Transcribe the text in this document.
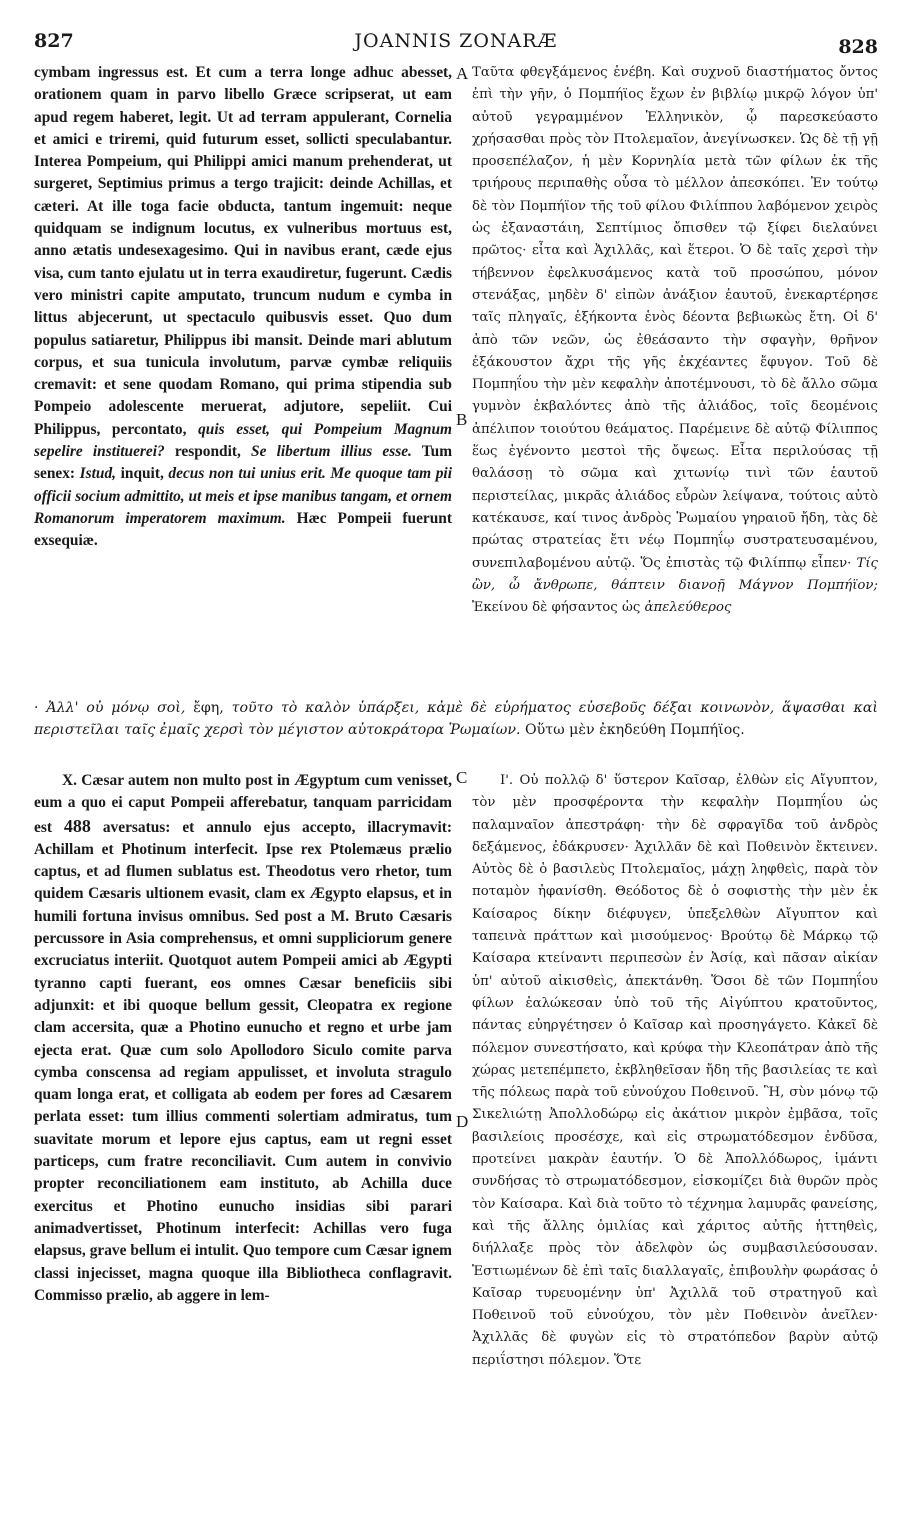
827	JOANNIS ZONARÆ	828
A
B
C
D

cymbam ingressus est. Et cum a terra longe adhuc abesset, orationem quam in parvo libello Græce scripserat, ut eam apud regem haberet, legit. Ut ad terram appulerant, Cornelia et amici e triremi, quid futurum esset, sollicti speculabantur. Interea Pompeium, qui Philippi amici manum prehenderat, ut surgeret, Septimius primus a tergo trajicit: deinde Achillas, et cæteri. At ille toga facie obducta, tantum ingemuit: neque quidquam se indignum locutus, ex vulneribus mortuus est, anno ætatis undesexagesimo. Qui in navibus erant, cæde ejus visa, cum tanto ejulatu ut in terra exaudiretur, fugerunt. Cædis vero ministri capite amputato, truncum nudum e cymba in littus abjecerunt, ut spectaculo quibusvis esset. Quo dum populus satiaretur, Philippus ibi mansit. Deinde mari ablutum corpus, et sua tunicula involutum, parvæ cymbæ reliquiis cremavit: et sene quodam Romano, qui prima stipendia sub Pompeio adolescente meruerat, adjutore, sepeliit. Cui Philippus, percontato, quis esset, qui Pompeium Magnum sepelire instituerei? respondit, Se libertum illius esse. Tum senex: Istud, inquit, decus non tui unius erit. Me quoque tam pii officii socium admittito, ut meis et ipse manibus tangam, et ornem Romanorum imperatorem maximum. Hæc Pompeii fuerunt exsequiæ.

Ταῦτα φθεγξάμενος ἐνέβη. Καὶ συχνοῦ διαστήματος ὄντος ἐπὶ τὴν γῆν, ὁ Πομπήϊος ἔχων ἐν βιβλίῳ μικρῷ λόγον ὑπ' αὐτοῦ γεγραμμένον Ἑλληνικὸν, ᾧ παρεσκεύαστο χρήσασθαι πρὸς τὸν Πτολεμαῖον, ἀνεγίνωσκεν. Ὡς δὲ τῇ γῇ προσεπέλαζον, ἡ μὲν Κορνηλία μετὰ τῶν φίλων ἐκ τῆς τριήρους περιπαθὴς οὖσα τὸ μέλλον ἀπεσκόπει. Ἐν τούτῳ δὲ τὸν Πομπήϊον τῆς τοῦ φίλου Φιλίππου λαβόμενον χειρὸς ὡς ἐξαναστάιη, Σεπτίμιος ὄπισθεν τῷ ξίφει διελαύνει πρῶτος· εἶτα καὶ Ἀχιλλᾶς, καὶ ἕτεροι. Ὁ δὲ ταῖς χερσὶ τὴν τήβεννον ἐφελκυσάμενος κατὰ τοῦ προσώπου, μόνον στενάξας, μηδὲν δ' εἰπὼν ἀνάξιον ἑαυτοῦ, ἐνεκαρτέρησε ταῖς πληγαῖς, ἑξήκοντα ἑνὸς δέοντα βεβιωκὼς ἔτη. Οἱ δ' ἀπὸ τῶν νεῶν, ὡς ἐθεάσαντο τὴν σφαγὴν, θρῆνον ἐξάκουστον ἄχρι τῆς γῆς ἐκχέαντες ἔφυγον. Τοῦ δὲ Πομπηΐου τὴν μὲν κεφαλὴν ἀποτέμνουσι, τὸ δὲ ἄλλο σῶμα γυμνὸν ἐκβαλόντες ἀπὸ τῆς ἁλιάδος, τοῖς δεομένοις ἀπέλιπον τοιούτου θεάματος. Παρέμεινε δὲ αὐτῷ Φίλιππος ἕως ἐγένοντο μεστοὶ τῆς ὄψεως. Εἶτα περιλούσας τῇ θαλάσσῃ τὸ σῶμα καὶ χιτωνίῳ τινὶ τῶν ἑαυτοῦ περιστείλας, μικρᾶς ἁλιάδος εὗρὼν λείψανα, τούτοις αὐτὸ κατέκαυσε, καί τινος ἀνδρὸς Ῥωμαίου γηραιοῦ ἤδη, τὰς δὲ πρώτας στρατείας ἔτι νέῳ Πομπηΐῳ συστρατευσαμένου, συνεπιλαβομένου αὐτῷ. Ὅς ἐπιστὰς τῷ Φιλίππῳ εἶπεν· Τίς ὢν, ὦ ἄνθρωπε, θάπτειν διανοῇ Μάγνον Πομπήϊον; Ἐκείνου δὲ φήσαντος ὡς ἀπελεύθερος

· Ἀλλ' οὐ μόνῳ σοὶ, ἔφη, τοῦτο τὸ καλὸν ὑπάρξει, κἀμὲ δὲ εὑρήματος εὐσεβοῦς δέξαι κοινωνὸν, ἅψασθαι καὶ περιστεῖλαι ταῖς ἐμαῖς χερσὶ τὸν μέγιστον αὐτοκράτορα Ῥωμαίων. Οὕτω μὲν ἐκηδεύθη Πομπήϊος.

X. Cæsar autem non multo post in Ægyptum cum venisset, eum a quo ei caput Pompeii afferebatur, tanquam parricidam est 488 aversatus: et annulo ejus accepto, illacrymavit: Achillam et Photinum interfecit. Ipse rex Ptolemæus prælio captus, et ad flumen sublatus est. Theodotus vero rhetor, tum quidem Cæsaris ultionem evasit, clam ex Ægypto elapsus, et in humili fortuna invisus omnibus. Sed post a M. Bruto Cæsaris percussore in Asia comprehensus, et omni suppliciorum genere excruciatus interiit. Quotquot autem Pompeii amici ab Ægypti tyranno capti fuerant, eos omnes Cæsar beneficiis sibi adjunxit: et ibi quoque bellum gessit, Cleopatra ex regione clam accersita, quæ a Photino eunucho et regno et urbe jam ejecta erat. Quæ cum solo Apollodoro Siculo comite parva cymba conscensa ad regiam appulisset, et involuta stragulo quam longa erat, et colligata ab eodem per fores ad Cæsarem perlata esset: tum illius commenti solertiam admiratus, tum suavitate morum et lepore ejus captus, eam ut regni esset particeps, cum fratre reconciliavit. Cum autem in convivio propter reconciliationem eam instituto, ab Achilla duce exercitus et Photino eunucho insidias sibi parari animadvertisset, Photinum interfecit: Achillas vero fuga elapsus, grave bellum ei intulit. Quo tempore cum Cæsar ignem classi injecisset, magna quoque illa Bibliotheca conflagravit. Commisso prælio, ab aggere in lem-

Ι'. Οὐ πολλῷ δ' ὕστερον Καῖσαρ, ἐλθὼν εἰς Αἴγυπτον, τὸν μὲν προσφέροντα τὴν κεφαλὴν Πομπηΐου ὡς παλαμναῖον ἀπεστράφη· τὴν δὲ σφραγῖδα τοῦ ἀνδρὸς δεξάμενος, ἐδάκρυσεν· Ἀχιλλᾶν δὲ καὶ Ποθεινὸν ἔκτεινεν. Αὐτὸς δὲ ὁ βασιλεὺς Πτολεμαῖος, μάχῃ ληφθεὶς, παρὰ τὸν ποταμὸν ἠφανίσθη. Θεόδοτος δὲ ὁ σοφιστὴς τὴν μὲν ἐκ Καίσαρος δίκην διέφυγεν, ὑπεξελθὼν Αἴγυπτον καὶ ταπεινὰ πράττων καὶ μισούμενος· Βρούτῳ δὲ Μάρκῳ τῷ Καίσαρα κτείναντι περιπεσὼν ἐν Ἀσίᾳ, καὶ πᾶσαν αἰκίαν ὑπ' αὐτοῦ αἰκισθεὶς, ἀπεκτάνθη. Ὅσοι δὲ τῶν Πομπηΐου φίλων ἑαλώκεσαν ὑπὸ τοῦ τῆς Αἰγύπτου κρατοῦντος, πάντας εὐηργέτησεν ὁ Καῖσαρ καὶ προσηγάγετο. Κἀκεῖ δὲ πόλεμον συνεστήσατο, καὶ κρύφα τὴν Κλεοπάτραν ἀπὸ τῆς χώρας μετεπέμπετο, ἐκβληθεῖσαν ἤδη τῆς βασιλείας τε καὶ τῆς πόλεως παρὰ τοῦ εὐνούχου Ποθεινοῦ. Ἣ, σὺν μόνῳ τῷ Σικελιώτῃ Ἀπολλοδώρῳ εἰς ἀκάτιον μικρὸν ἐμβᾶσα, τοῖς βασιλείοις προσέσχε, καὶ εἰς στρωματόδεσμον ἐνδῦσα, προτείνει μακρὰν ἑαυτήν. Ὁ δὲ Ἀπολλόδωρος, ἱμάντι συνδήσας τὸ στρωματόδεσμον, εἰσκομίζει διὰ θυρῶν πρὸς τὸν Καίσαρα. Καὶ διὰ τοῦτο τὸ τέχνημα λαμυρᾶς φανείσης, καὶ τῆς ἄλλης ὁμιλίας καὶ χάριτος αὐτῆς ἡττηθεὶς, διήλλαξε πρὸς τὸν ἀδελφὸν ὡς συμβασιλεύσουσαν. Ἑστιωμένων δὲ ἐπὶ ταῖς διαλλαγαῖς, ἐπιβουλὴν φωράσας ὁ Καῖσαρ τυρευομένην ὑπ' Ἀχιλλᾶ τοῦ στρατηγοῦ καὶ Ποθεινοῦ τοῦ εὐνούχου, τὸν μὲν Ποθεινὸν ἀνεῖλεν· Ἀχιλλᾶς δὲ φυγὼν εἰς τὸ στρατόπεδον βαρὺν αὐτῷ περιΐστησι πόλεμον. Ὅτε
